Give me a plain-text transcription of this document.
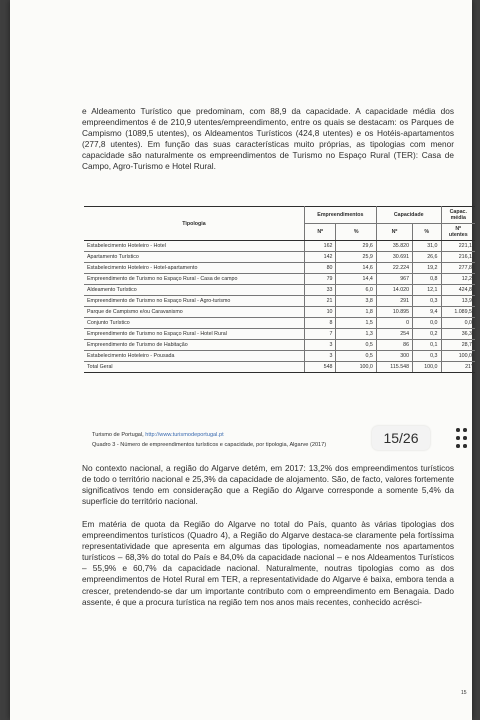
e Aldeamento Turístico que predominam, com 88,9 da capacidade. A capacidade média dos empreendimentos é de 210,9 utentes/empreendimento, entre os quais se destacam: os Parques de Campismo (1089,5 utentes), os Aldeamentos Turísticos (424,8 utentes) e os Hotéis-apartamentos (277,8 utentes). Em função das suas características muito próprias, as tipologias com menor capacidade são naturalmente os empreendimentos de Turismo no Espaço Rural (TER): Casa de Campo, Agro-Turismo e Hotel Rural.

Tipologia	Empreendimentos		Capacidade		Capac.
média
	Nº	%	Nº	%	Nº
utentes
Estabelecimento Hoteleiro - Hotel	162	29,6	35.820	31,0	221,1
Apartamento Turístico	142	25,9	30.691	26,6	216,1
Estabelecimento Hoteleiro - Hotel-apartamento	80	14,6	22.224	19,2	277,8
Empreendimento de Turismo no Espaço Rural - Casa de campo	79	14,4	967	0,8	12,2
Aldeamento Turístico	33	6,0	14.020	12,1	424,8
Empreendimento de Turismo no Espaço Rural - Agro-turismo	21	3,8	291	0,3	13,9
Parque de Campismo e/ou Caravanismo	10	1,8	10.895	9,4	1.089,5
Conjunto Turístico	8	1,5	0	0,0	0,0
Empreendimento de Turismo no Espaço Rural - Hotel Rural	7	1,3	254	0,2	36,3
Empreendimento de Turismo de Habitação	3	0,5	86	0,1	28,7
Estabelecimento Hoteleiro - Pousada	3	0,5	300	0,3	100,0
Total Geral	548	100,0	115.548	100,0	21'

Turismo de Portugal, http://www.turismodeportugal.pt

Quadro 3 - Número de empreendimentos turísticos e capacidade, por tipologia, Algarve (2017)

No contexto nacional, a região do Algarve detém, em 2017: 13,2% dos empreendimentos turísticos de todo o território nacional e 25,3% da capacidade de alojamento. São, de facto, valores fortemente significativos tendo em consideração que a Região do Algarve corresponde a somente 5,4% da superfície do território nacional.

Em matéria de quota da Região do Algarve no total do País, quanto às várias tipologias dos empreendimentos turísticos (Quadro 4), a Região do Algarve destaca-se claramente pela fortíssima representatividade que apresenta em algumas das tipologias, nomeadamente nos apartamentos turísticos – 68,3% do total do País e 84,0% da capacidade nacional – e nos Aldeamentos Turísticos – 55,9% e 60,7% da capacidade nacional. Naturalmente, noutras tipologias como as dos empreendimentos de Hotel Rural em TER, a representatividade do Algarve é baixa, embora tenda a crescer, pretendendo-se dar um importante contributo com o empreendimento em Benagaia. Dado assente, é que a procura turística na região tem nos anos mais recentes, conhecido acrésci-

15
15/26
